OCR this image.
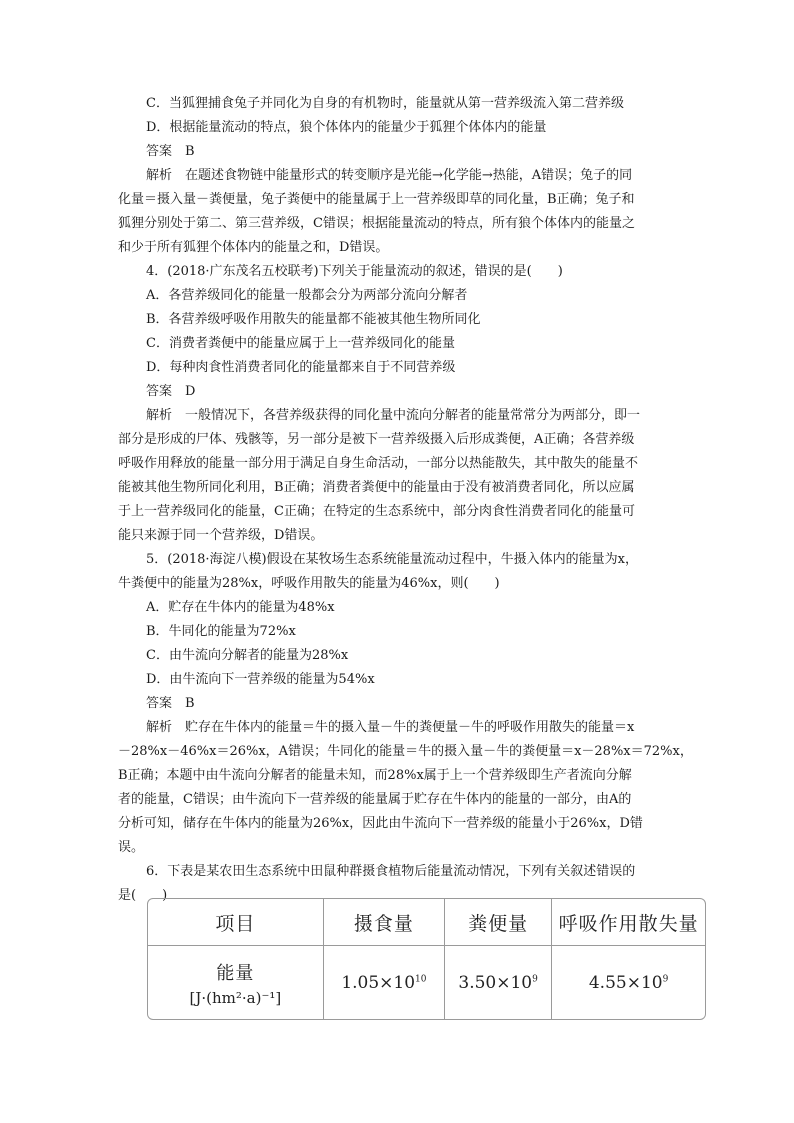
C．当狐狸捕食兔子并同化为自身的有机物时，能量就从第一营养级流入第二营养级
D．根据能量流动的特点，狼个体体内的能量少于狐狸个体体内的能量
答案　B
解析　在题述食物链中能量形式的转变顺序是光能→化学能→热能，A错误；兔子的同
化量＝摄入量－粪便量，兔子粪便中的能量属于上一营养级即草的同化量，B正确；兔子和
狐狸分别处于第二、第三营养级，C错误；根据能量流动的特点，所有狼个体体内的能量之
和少于所有狐狸个体体内的能量之和，D错误。
4．(2018·广东茂名五校联考)下列关于能量流动的叙述，错误的是(　　)
A．各营养级同化的能量一般都会分为两部分流向分解者
B．各营养级呼吸作用散失的能量都不能被其他生物所同化
C．消费者粪便中的能量应属于上一营养级同化的能量
D．每种肉食性消费者同化的能量都来自于不同营养级
答案　D
解析　一般情况下，各营养级获得的同化量中流向分解者的能量常常分为两部分，即一
部分是形成的尸体、残骸等，另一部分是被下一营养级摄入后形成粪便，A正确；各营养级
呼吸作用释放的能量一部分用于满足自身生命活动，一部分以热能散失，其中散失的能量不
能被其他生物所同化利用，B正确；消费者粪便中的能量由于没有被消费者同化，所以应属
于上一营养级同化的能量，C正确；在特定的生态系统中，部分肉食性消费者同化的能量可
能只来源于同一个营养级，D错误。
5．(2018·海淀八模)假设在某牧场生态系统能量流动过程中，牛摄入体内的能量为x，
牛粪便中的能量为28%x，呼吸作用散失的能量为46%x，则(　　)
A．贮存在牛体内的能量为48%x
B．牛同化的能量为72%x
C．由牛流向分解者的能量为28%x
D．由牛流向下一营养级的能量为54%x
答案　B
解析　贮存在牛体内的能量＝牛的摄入量－牛的粪便量－牛的呼吸作用散失的能量＝x
－28%x－46%x＝26%x，A错误；牛同化的能量＝牛的摄入量－牛的粪便量＝x－28%x＝72%x，
B正确；本题中由牛流向分解者的能量未知，而28%x属于上一个营养级即生产者流向分解
者的能量，C错误；由牛流向下一营养级的能量属于贮存在牛体内的能量的一部分，由A的
分析可知，储存在牛体内的能量为26%x，因此由牛流向下一营养级的能量小于26%x，D错
误。
6．下表是某农田生态系统中田鼠种群摄食植物后能量流动情况，下列有关叙述错误的
是(　　)
项目	摄食量	粪便量	呼吸作用散失量

能量
[J·(hm²·a)⁻¹]	$1.05\times 10^{10}$	$3.50\times 10^9$	$4.55\times 10^9$
